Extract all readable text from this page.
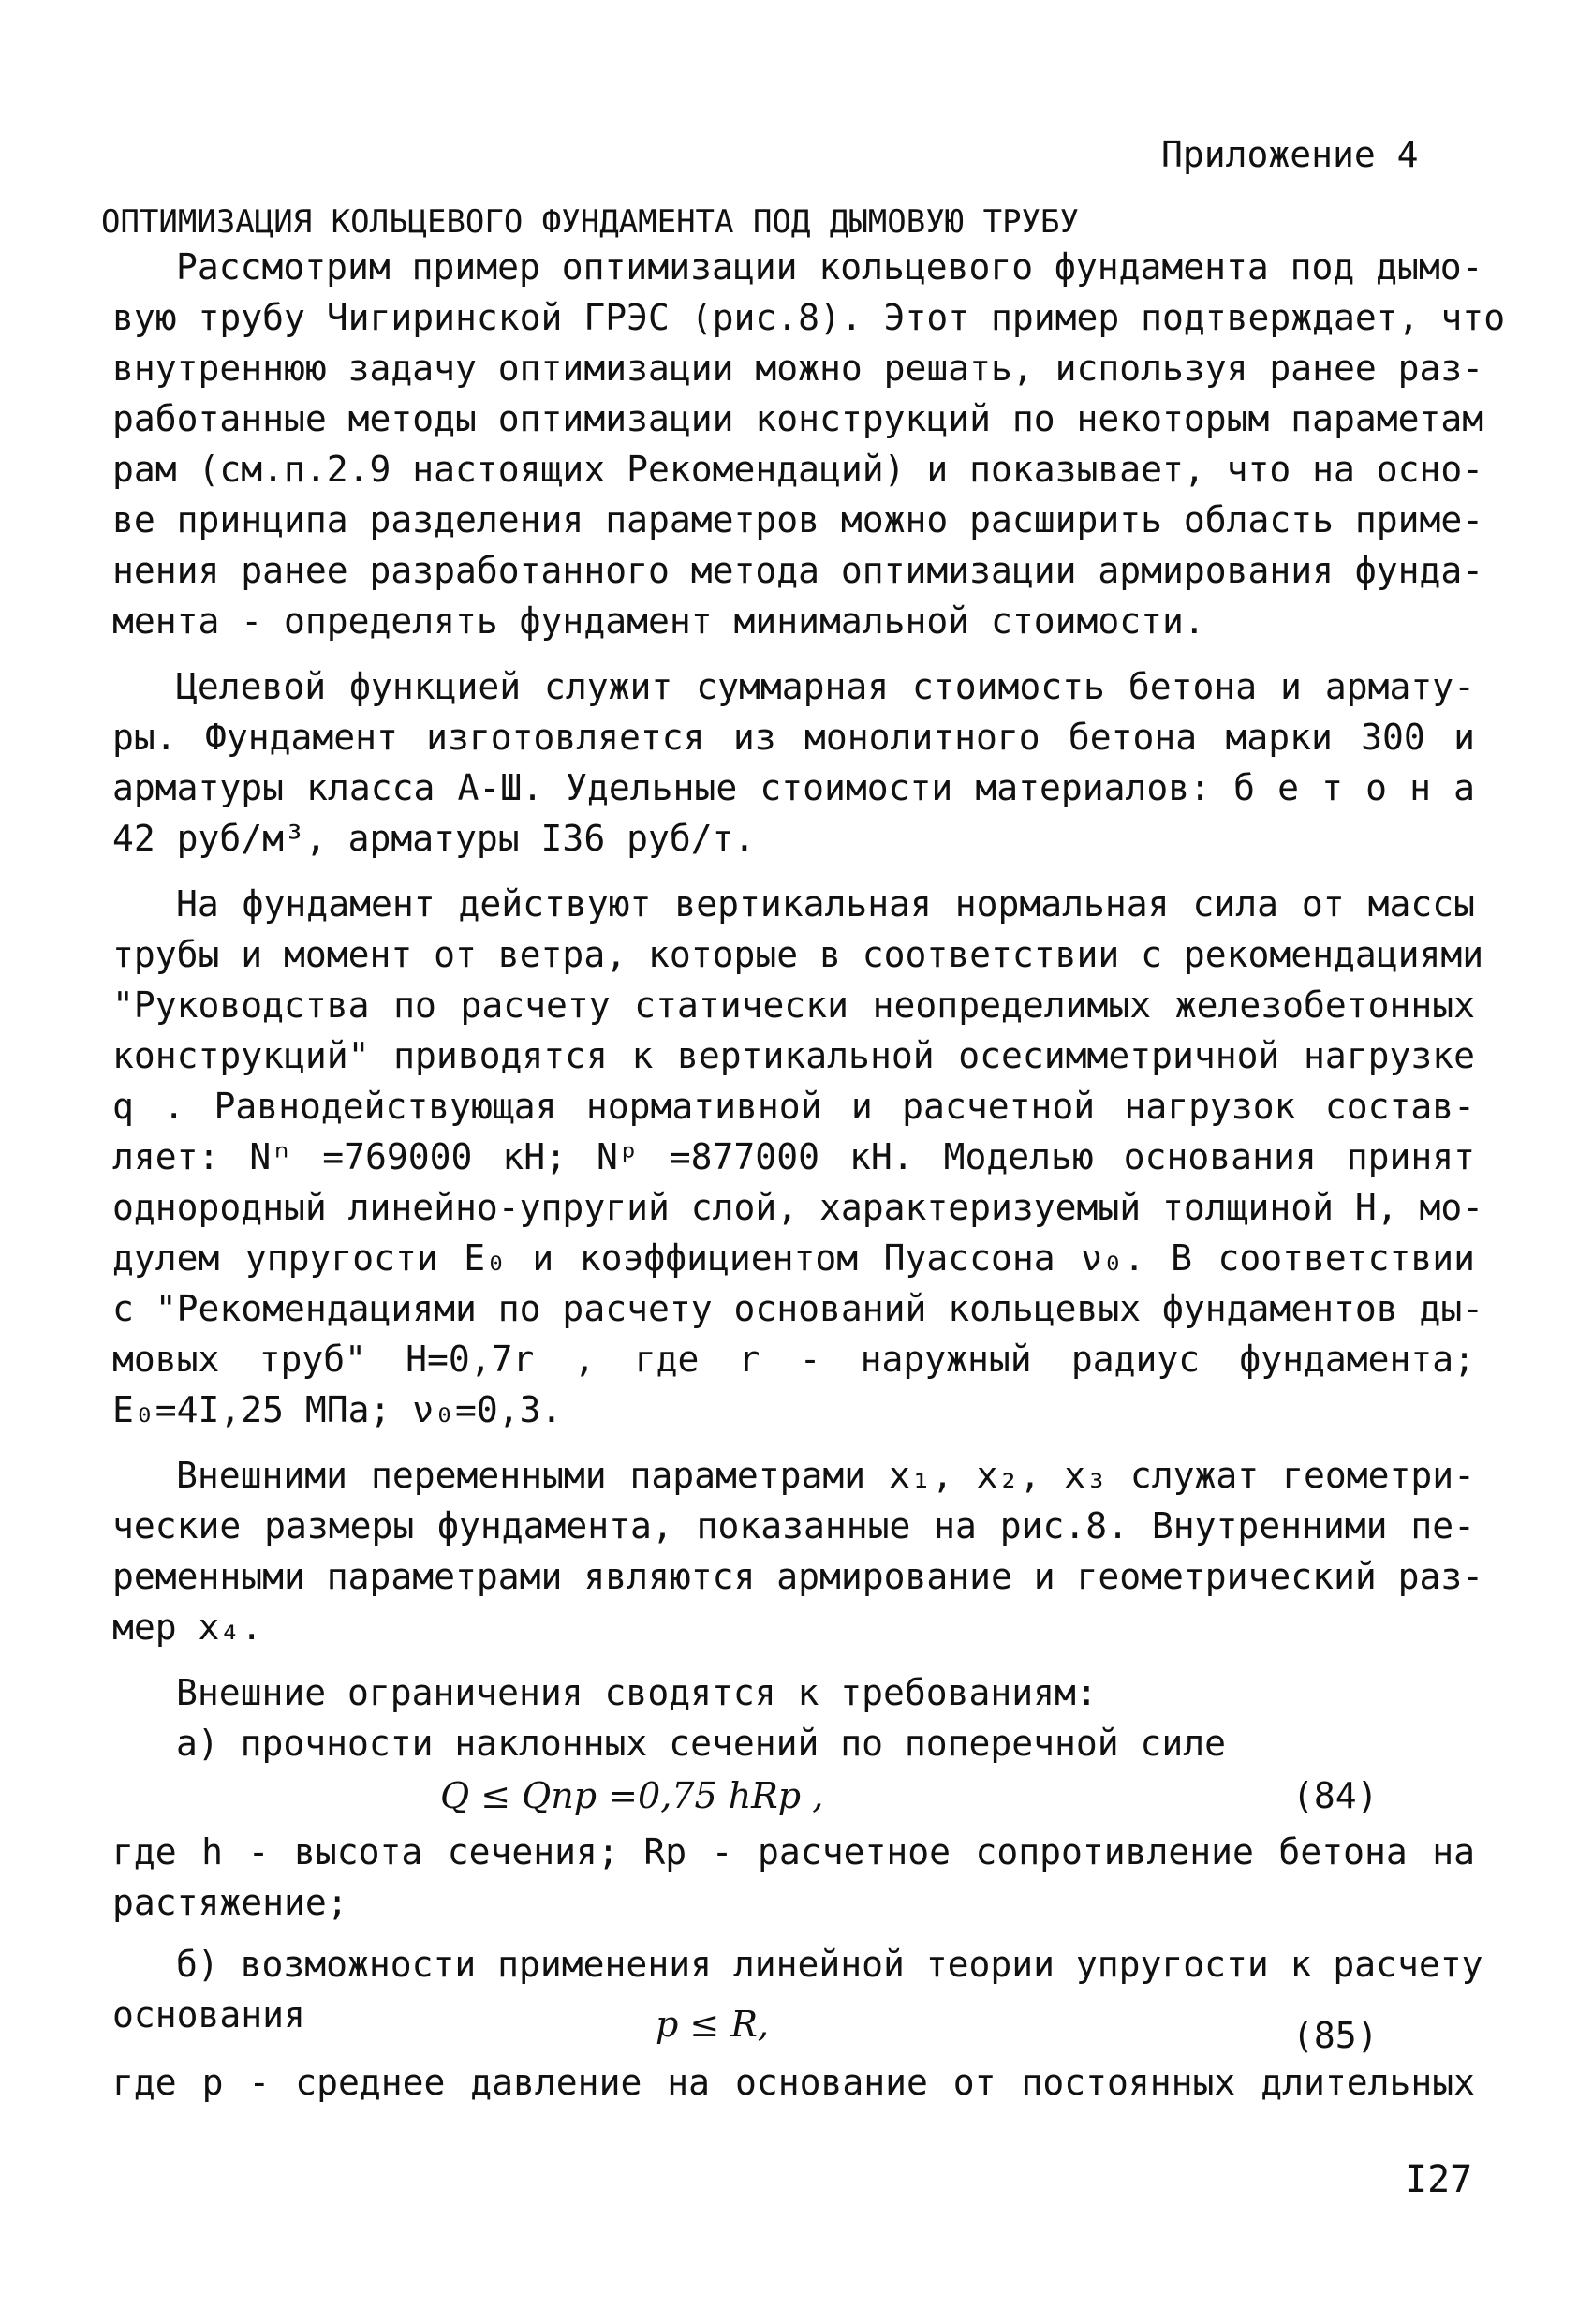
Приложение 4
ОПТИМИЗАЦИЯ КОЛЬЦЕВОГО ФУНДАМЕНТА ПОД ДЫМОВУЮ ТРУБУ
Рассмотрим пример оптимизации кольцевого фундамента под дымо-
вую трубу Чигиринской ГРЭС (рис.8). Этот пример подтверждает, что
внутреннюю задачу оптимизации можно решать, используя ранее раз-
работанные методы оптимизации конструкций по некоторым параметам
рам (см.п.2.9 настоящих Рекомендаций) и показывает, что на осно-
ве принципа разделения параметров можно расширить область приме-
нения ранее разработанного метода оптимизации армирования фунда-
мента - определять фундамент минимальной стоимости.
Целевой функцией служит суммарная стоимость бетона и армату-
ры. Фундамент изготовляется из монолитного бетона марки 300 и
арматуры класса А-Ш. Удельные стоимости материалов: б е т о н а
42 руб/м³, арматуры I36 руб/т.
На фундамент действуют вертикальная нормальная сила от массы
трубы и момент от ветра, которые в соответствии с рекомендациями
"Руководства по расчету статически неопределимых железобетонных
конструкций" приводятся к вертикальной осесимметричной нагрузке
q . Равнодействующая нормативной и расчетной нагрузок состав-
ляет: Nⁿ =769000 кН; Nᵖ =877000 кН. Моделью основания принят
однородный линейно-упругий слой, характеризуемый толщиной Н, мо-
дулем упругости E₀ и коэффициентом Пуассона ν₀. В соответствии
с "Рекомендациями по расчету оснований кольцевых фундаментов ды-
мовых труб" Н=0,7r , где r - наружный радиус фундамента;
E₀=4I,25 МПа; ν₀=0,3.
Внешними переменными параметрами x₁, x₂, x₃ служат геометри-
ческие размеры фундамента, показанные на рис.8. Внутренними пе-
ременными параметрами являются армирование и геометрический раз-
мер x₄.
Внешние ограничения сводятся к требованиям:
а) прочности наклонных сечений по поперечной силе
Q ≤ Qпр =0,75 hRр ,	(84)
где h - высота сечения; Rр - расчетное сопротивление бетона на
растяжение;
б) возможности применения линейной теории упругости к расчету
основания	p ≤ R,	(85)
где p - среднее давление на основание от постоянных длительных
I27
